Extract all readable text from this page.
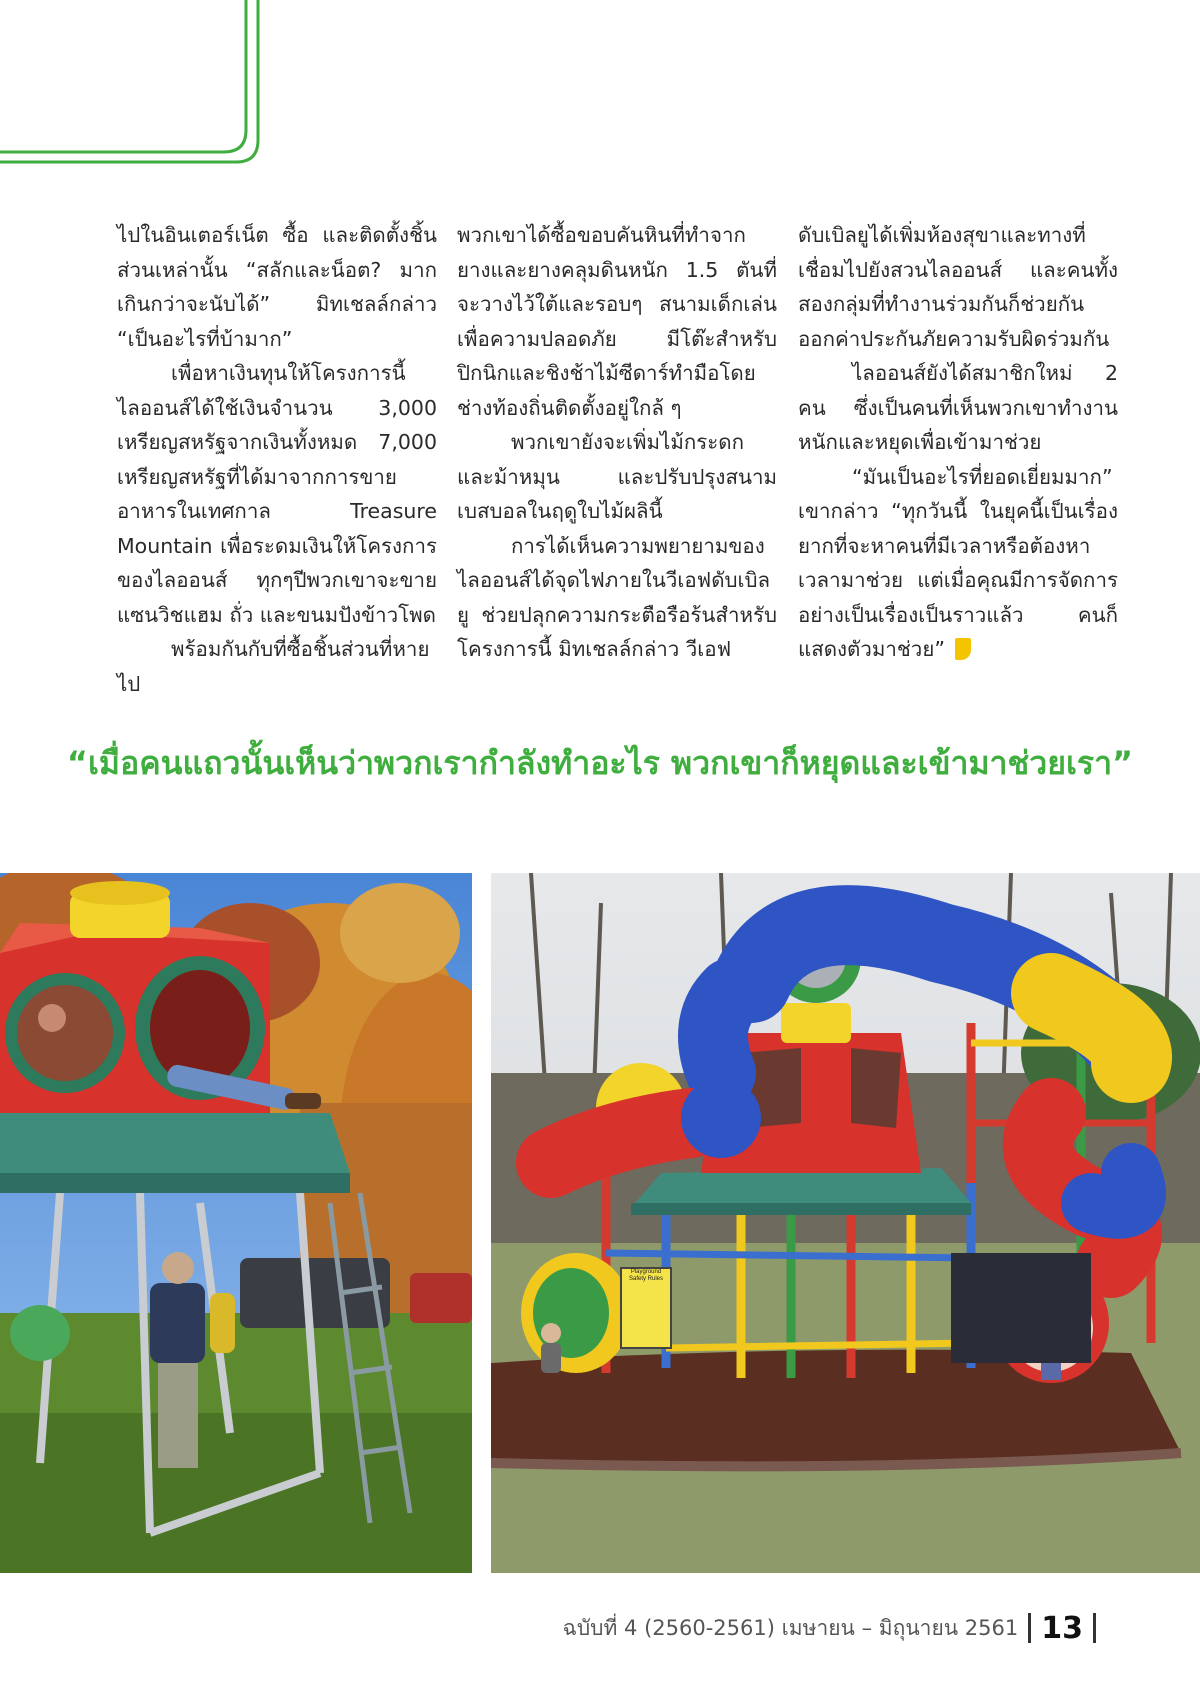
ไปในอินเตอร์เน็ต ซื้อ และติดตั้งชิ้นส่วนเหล่านั้น “สลักและน็อต? มากเกินกว่าจะนับได้” มิทเชลล์กล่าว “เป็นอะไรที่บ้ามาก”

เพื่อหาเงินทุนให้โครงการนี้ ไลออนส์ได้ใช้เงินจำนวน 3,000 เหรียญสหรัฐจากเงินทั้งหมด 7,000 เหรียญสหรัฐที่ได้มาจากการขายอาหารในเทศกาล Treasure Mountain เพื่อระดมเงินให้โครงการของไลออนส์ ทุกๆปีพวกเขาจะขายแซนวิชแฮม ถั่ว และขนมปังข้าวโพด

พร้อมกันกับที่ซื้อชิ้นส่วนที่หายไป

พวกเขาได้ซื้อขอบคันหินที่ทำจากยางและยางคลุมดินหนัก 1.5 ตันที่จะวางไว้ใต้และรอบๆ สนามเด็กเล่นเพื่อความปลอดภัย มีโต๊ะสำหรับปิกนิกและชิงช้าไม้ซีดาร์ทำมือโดยช่างท้องถิ่นติดตั้งอยู่ใกล้ ๆ

พวกเขายังจะเพิ่มไม้กระดกและม้าหมุน และปรับปรุงสนามเบสบอลในฤดูใบไม้ผลินี้

การได้เห็นความพยายามของไลออนส์ได้จุดไฟภายในวีเอฟดับเบิลยู ช่วยปลุกความกระตือรือร้นสำหรับโครงการนี้ มิทเชลล์กล่าว วีเอฟ

ดับเบิลยูได้เพิ่มห้องสุขาและทางที่เชื่อมไปยังสวนไลออนส์ และคนทั้งสองกลุ่มที่ทำงานร่วมกันก็ช่วยกันออกค่าประกันภัยความรับผิดร่วมกัน

ไลออนส์ยังได้สมาชิกใหม่ 2 คน ซึ่งเป็นคนที่เห็นพวกเขาทำงานหนักและหยุดเพื่อเข้ามาช่วย

“มันเป็นอะไรที่ยอดเยี่ยมมาก” เขากล่าว “ทุกวันนี้ ในยุคนี้เป็นเรื่องยากที่จะหาคนที่มีเวลาหรือต้องหาเวลามาช่วย แต่เมื่อคุณมีการจัดการอย่างเป็นเรื่องเป็นราวแล้ว คนก็แสดงตัวมาช่วย”

“เมื่อคนแถวนั้นเห็นว่าพวกเรากำลังทำอะไร พวกเขาก็หยุดและเข้ามาช่วยเรา”

Playground Safety Rules
ฉบับที่ 4 (2560-2561) เมษายน – มิถุนายน 2561 13
